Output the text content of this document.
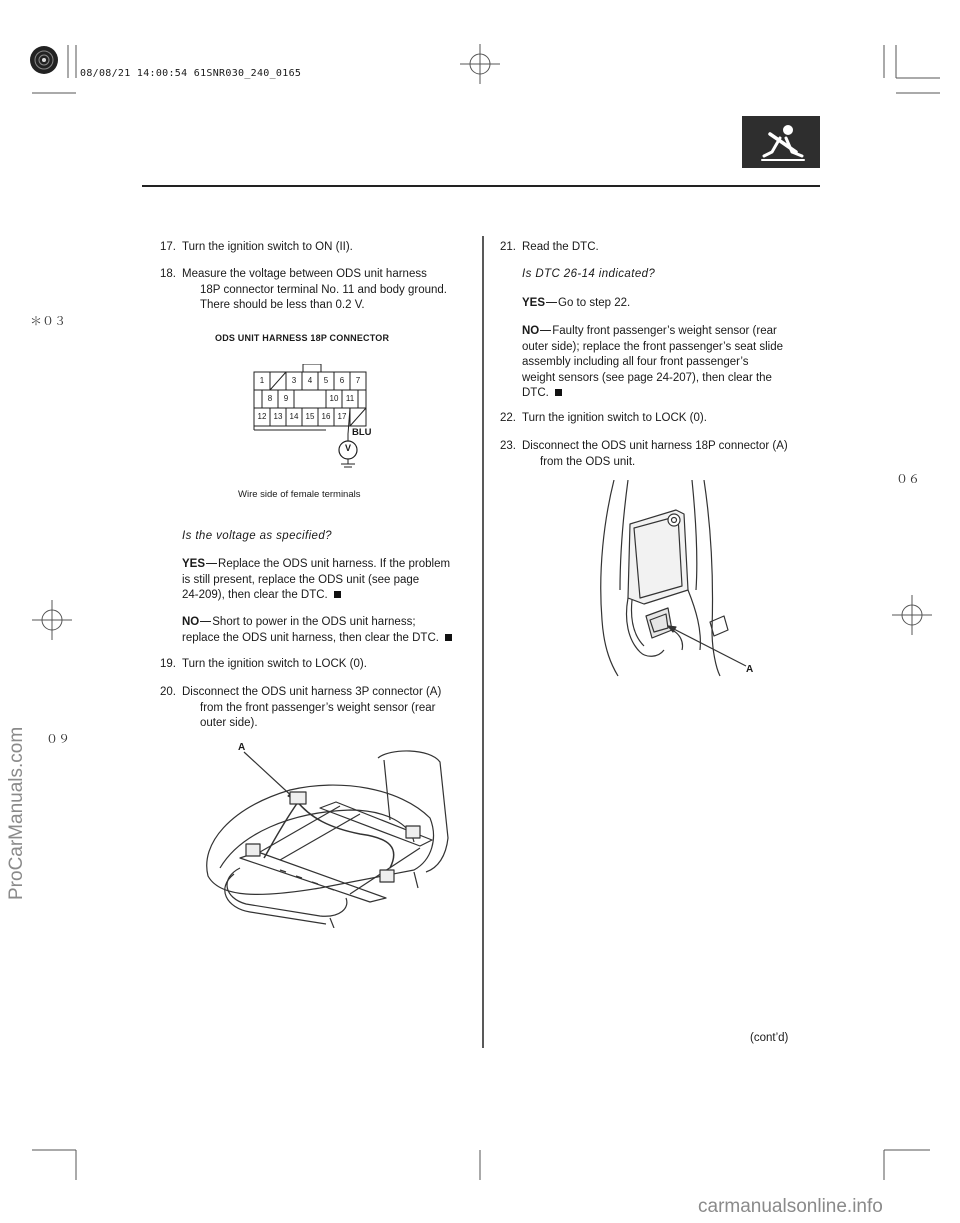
08/08/21 14:00:54 61SNR030_240_0165
＊０３
０６
０９
ProCarManuals.com
carmanualsonline.info
17. Turn the ignition switch to ON (II).
18. Measure the voltage between ODS unit harness
18P connector terminal No. 11 and body ground.
There should be less than 0.2 V.
ODS UNIT HARNESS 18P CONNECTOR
V
1	3	4	5	6	7
8	9	10 11
12 13 14 15 16 17
BLU
Wire side of female terminals
Is the voltage as specified?
YES Replace the ODS unit harness. If the problem
is still present, replace the ODS unit (see page
24-209), then clear the DTC.
NO Short to power in the ODS unit harness;
replace the ODS unit harness, then clear the DTC.
19. Turn the ignition switch to LOCK (0).
20. Disconnect the ODS unit harness 3P connector (A)
from the front passenger’s weight sensor (rear
outer side).
A
21. Read the DTC.
Is DTC 26-14 indicated?
YES Go to step 22.
NO Faulty front passenger’s weight sensor (rear
outer side); replace the front passenger’s seat slide
assembly including all four front passenger’s
weight sensors (see page 24-207), then clear the
DTC.
22. Turn the ignition switch to LOCK (0).
23. Disconnect the ODS unit harness 18P connector (A)
from the ODS unit.
A
(cont’d)
